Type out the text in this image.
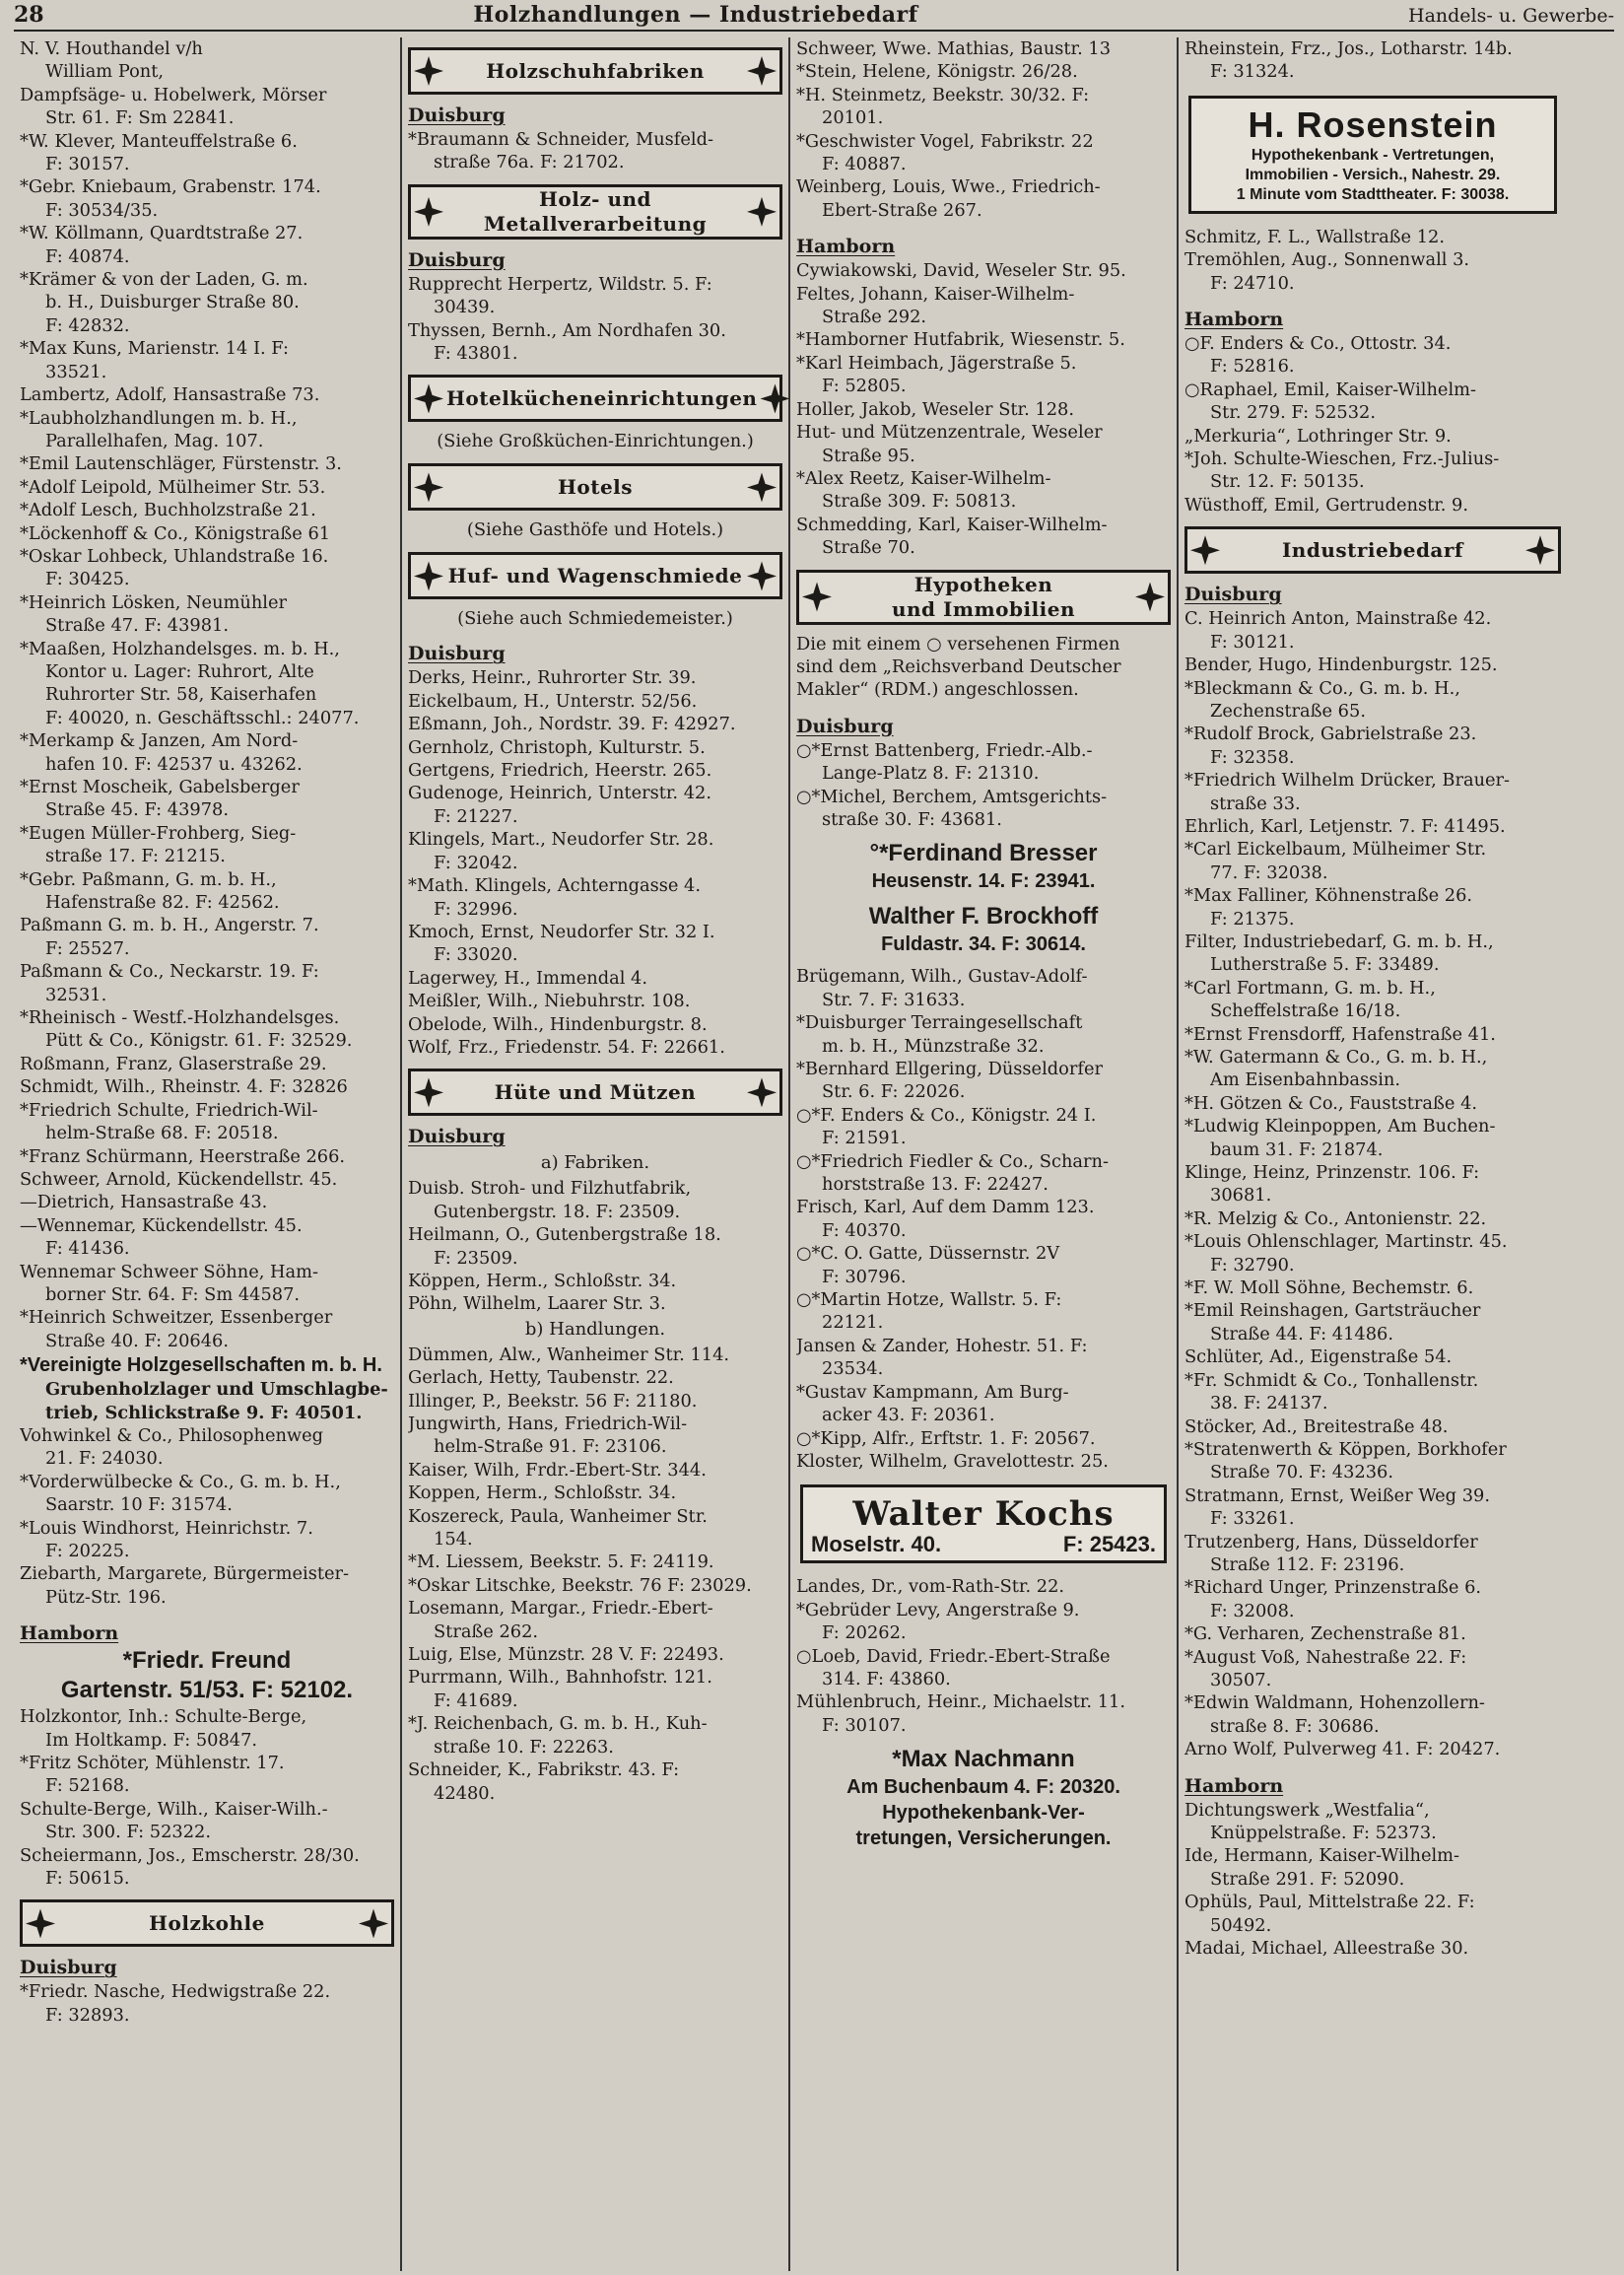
28	Holzhandlungen — Industriebedarf	Handels- u. Gewerbe-
N. V. Houthandel v/h
William Pont,
Dampfsäge- u. Hobelwerk, Mörser
Str. 61. F: Sm 22841.
*W. Klever, Manteuffelstraße 6.
F: 30157.
*Gebr. Kniebaum, Grabenstr. 174.
F: 30534/35.
*W. Köllmann, Quardtstraße 27.
F: 40874.
*Krämer & von der Laden, G. m.
b. H., Duisburger Straße 80.
F: 42832.
*Max Kuns, Marienstr. 14 I. F:
33521.
Lambertz, Adolf, Hansastraße 73.
*Laubholzhandlungen m. b. H.,
Parallelhafen, Mag. 107.
*Emil Lautenschläger, Fürstenstr. 3.
*Adolf Leipold, Mülheimer Str. 53.
*Adolf Lesch, Buchholzstraße 21.
*Löckenhoff & Co., Königstraße 61
*Oskar Lohbeck, Uhlandstraße 16.
F: 30425.
*Heinrich Lösken, Neumühler
Straße 47. F: 43981.
*Maaßen, Holzhandelsges. m. b. H.,
Kontor u. Lager: Ruhrort, Alte
Ruhrorter Str. 58, Kaiserhafen
F: 40020, n. Geschäftsschl.: 24077.
*Merkamp & Janzen, Am Nord-
hafen 10. F: 42537 u. 43262.
*Ernst Moscheik, Gabelsberger
Straße 45. F: 43978.
*Eugen Müller-Frohberg, Sieg-
straße 17. F: 21215.
*Gebr. Paßmann, G. m. b. H.,
Hafenstraße 82. F: 42562.
Paßmann G. m. b. H., Angerstr. 7.
F: 25527.
Paßmann & Co., Neckarstr. 19. F:
32531.
*Rheinisch - Westf.-Holzhandelsges.
Pütt & Co., Königstr. 61. F: 32529.
Roßmann, Franz, Glaserstraße 29.
Schmidt, Wilh., Rheinstr. 4. F: 32826
*Friedrich Schulte, Friedrich-Wil-
helm-Straße 68. F: 20518.
*Franz Schürmann, Heerstraße 266.
Schweer, Arnold, Kückendellstr. 45.
—Dietrich, Hansastraße 43.
—Wennemar, Kückendellstr. 45.
F: 41436.
Wennemar Schweer Söhne, Ham-
borner Str. 64. F: Sm 44587.
*Heinrich Schweitzer, Essenberger
Straße 40. F: 20646.
*Vereinigte Holzgesellschaften m. b. H.
Grubenholzlager und Umschlagbe-
trieb, Schlickstraße 9. F: 40501.
Vohwinkel & Co., Philosophenweg
21. F: 24030.
*Vorderwülbecke & Co., G. m. b. H.,
Saarstr. 10 F: 31574.
*Louis Windhorst, Heinrichstr. 7.
F: 20225.
Ziebarth, Margarete, Bürgermeister-
Pütz-Str. 196.
Hamborn
*Friedr. Freund
Gartenstr. 51/53. F: 52102.
Holzkontor, Inh.: Schulte-Berge,
Im Holtkamp. F: 50847.
*Fritz Schöter, Mühlenstr. 17.
F: 52168.
Schulte-Berge, Wilh., Kaiser-Wilh.-
Str. 300. F: 52322.
Scheiermann, Jos., Emscherstr. 28/30.
F: 50615.
Holzkohle
Duisburg
*Friedr. Nasche, Hedwigstraße 22.
F: 32893.
Holzschuhfabriken
Duisburg
*Braumann & Schneider, Musfeld-
straße 76a. F: 21702.
Holz- und
Metallverarbeitung
Duisburg
Rupprecht Herpertz, Wildstr. 5. F:
30439.
Thyssen, Bernh., Am Nordhafen 30.
F: 43801.
Hotelkücheneinrichtungen
(Siehe Großküchen-Einrichtungen.)
Hotels
(Siehe Gasthöfe und Hotels.)
Huf- und Wagenschmiede
(Siehe auch Schmiedemeister.)
Duisburg
Derks, Heinr., Ruhrorter Str. 39.
Eickelbaum, H., Unterstr. 52/56.
Eßmann, Joh., Nordstr. 39. F: 42927.
Gernholz, Christoph, Kulturstr. 5.
Gertgens, Friedrich, Heerstr. 265.
Gudenoge, Heinrich, Unterstr. 42.
F: 21227.
Klingels, Mart., Neudorfer Str. 28.
F: 32042.
*Math. Klingels, Achterngasse 4.
F: 32996.
Kmoch, Ernst, Neudorfer Str. 32 I.
F: 33020.
Lagerwey, H., Immendal 4.
Meißler, Wilh., Niebuhrstr. 108.
Obelode, Wilh., Hindenburgstr. 8.
Wolf, Frz., Friedenstr. 54. F: 22661.
Hüte und Mützen
Duisburg
a) Fabriken.
Duisb. Stroh- und Filzhutfabrik,
Gutenbergstr. 18. F: 23509.
Heilmann, O., Gutenbergstraße 18.
F: 23509.
Köppen, Herm., Schloßstr. 34.
Pöhn, Wilhelm, Laarer Str. 3.
b) Handlungen.
Dümmen, Alw., Wanheimer Str. 114.
Gerlach, Hetty, Taubenstr. 22.
Illinger, P., Beekstr. 56 F: 21180.
Jungwirth, Hans, Friedrich-Wil-
helm-Straße 91. F: 23106.
Kaiser, Wilh, Frdr.-Ebert-Str. 344.
Koppen, Herm., Schloßstr. 34.
Koszereck, Paula, Wanheimer Str.
154.
*M. Liessem, Beekstr. 5. F: 24119.
*Oskar Litschke, Beekstr. 76 F: 23029.
Losemann, Margar., Friedr.-Ebert-
Straße 262.
Luig, Else, Münzstr. 28 V. F: 22493.
Purrmann, Wilh., Bahnhofstr. 121.
F: 41689.
*J. Reichenbach, G. m. b. H., Kuh-
straße 10. F: 22263.
Schneider, K., Fabrikstr. 43. F:
42480.
Schweer, Wwe. Mathias, Baustr. 13
*Stein, Helene, Königstr. 26/28.
*H. Steinmetz, Beekstr. 30/32. F:
20101.
*Geschwister Vogel, Fabrikstr. 22
F: 40887.
Weinberg, Louis, Wwe., Friedrich-
Ebert-Straße 267.
Hamborn
Cywiakowski, David, Weseler Str. 95.
Feltes, Johann, Kaiser-Wilhelm-
Straße 292.
*Hamborner Hutfabrik, Wiesenstr. 5.
*Karl Heimbach, Jägerstraße 5.
F: 52805.
Holler, Jakob, Weseler Str. 128.
Hut- und Mützenzentrale, Weseler
Straße 95.
*Alex Reetz, Kaiser-Wilhelm-
Straße 309. F: 50813.
Schmedding, Karl, Kaiser-Wilhelm-
Straße 70.
Hypotheken
und Immobilien
Die mit einem ○ versehenen Firmen
sind dem „Reichsverband Deutscher
Makler“ (RDM.) angeschlossen.
Duisburg
○*Ernst Battenberg, Friedr.-Alb.-
Lange-Platz 8. F: 21310.
○*Michel, Berchem, Amtsgerichts-
straße 30. F: 43681.
°*Ferdinand Bresser
Heusenstr. 14. F: 23941.
Walther F. Brockhoff
Fuldastr. 34. F: 30614.
Brügemann, Wilh., Gustav-Adolf-
Str. 7. F: 31633.
*Duisburger Terraingesellschaft
m. b. H., Münzstraße 32.
*Bernhard Ellgering, Düsseldorfer
Str. 6. F: 22026.
○*F. Enders & Co., Königstr. 24 I.
F: 21591.
○*Friedrich Fiedler & Co., Scharn-
horststraße 13. F: 22427.
Frisch, Karl, Auf dem Damm 123.
F: 40370.
○*C. O. Gatte, Düssernstr. 2V
F: 30796.
○*Martin Hotze, Wallstr. 5. F:
22121.
Jansen & Zander, Hohestr. 51. F:
23534.
*Gustav Kampmann, Am Burg-
acker 43. F: 20361.
○*Kipp, Alfr., Erftstr. 1. F: 20567.
Kloster, Wilhelm, Gravelottestr. 25.
Walter Kochs
Moselstr. 40.	F: 25423.
Landes, Dr., vom-Rath-Str. 22.
*Gebrüder Levy, Angerstraße 9.
F: 20262.
○Loeb, David, Friedr.-Ebert-Straße
314. F: 43860.
Mühlenbruch, Heinr., Michaelstr. 11.
F: 30107.
*Max Nachmann
Am Buchenbaum 4. F: 20320.
Hypothekenbank-Ver-
tretungen, Versicherungen.
Rheinstein, Frz., Jos., Lotharstr. 14b.
F: 31324.
H. Rosenstein
Hypothekenbank - Vertretungen,
Immobilien - Versich., Nahestr. 29.
1 Minute vom Stadttheater. F: 30038.
Schmitz, F. L., Wallstraße 12.
Tremöhlen, Aug., Sonnenwall 3.
F: 24710.
Hamborn
○F. Enders & Co., Ottostr. 34.
F: 52816.
○Raphael, Emil, Kaiser-Wilhelm-
Str. 279. F: 52532.
„Merkuria“, Lothringer Str. 9.
*Joh. Schulte-Wieschen, Frz.-Julius-
Str. 12. F: 50135.
Wüsthoff, Emil, Gertrudenstr. 9.
Industriebedarf
Duisburg
C. Heinrich Anton, Mainstraße 42.
F: 30121.
Bender, Hugo, Hindenburgstr. 125.
*Bleckmann & Co., G. m. b. H.,
Zechenstraße 65.
*Rudolf Brock, Gabrielstraße 23.
F: 32358.
*Friedrich Wilhelm Drücker, Brauer-
straße 33.
Ehrlich, Karl, Letjenstr. 7. F: 41495.
*Carl Eickelbaum, Mülheimer Str.
77. F: 32038.
*Max Falliner, Köhnenstraße 26.
F: 21375.
Filter, Industriebedarf, G. m. b. H.,
Lutherstraße 5. F: 33489.
*Carl Fortmann, G. m. b. H.,
Scheffelstraße 16/18.
*Ernst Frensdorff, Hafenstraße 41.
*W. Gatermann & Co., G. m. b. H.,
Am Eisenbahnbassin.
*H. Götzen & Co., Fauststraße 4.
*Ludwig Kleinpoppen, Am Buchen-
baum 31. F: 21874.
Klinge, Heinz, Prinzenstr. 106. F:
30681.
*R. Melzig & Co., Antonienstr. 22.
*Louis Ohlenschlager, Martinstr. 45.
F: 32790.
*F. W. Moll Söhne, Bechemstr. 6.
*Emil Reinshagen, Gartsträucher
Straße 44. F: 41486.
Schlüter, Ad., Eigenstraße 54.
*Fr. Schmidt & Co., Tonhallenstr.
38. F: 24137.
Stöcker, Ad., Breitestraße 48.
*Stratenwerth & Köppen, Borkhofer
Straße 70. F: 43236.
Stratmann, Ernst, Weißer Weg 39.
F: 33261.
Trutzenberg, Hans, Düsseldorfer
Straße 112. F: 23196.
*Richard Unger, Prinzenstraße 6.
F: 32008.
*G. Verharen, Zechenstraße 81.
*August Voß, Nahestraße 22. F:
30507.
*Edwin Waldmann, Hohenzollern-
straße 8. F: 30686.
Arno Wolf, Pulverweg 41. F: 20427.
Hamborn
Dichtungswerk „Westfalia“,
Knüppelstraße. F: 52373.
Ide, Hermann, Kaiser-Wilhelm-
Straße 291. F: 52090.
Ophüls, Paul, Mittelstraße 22. F:
50492.
Madai, Michael, Alleestraße 30.
